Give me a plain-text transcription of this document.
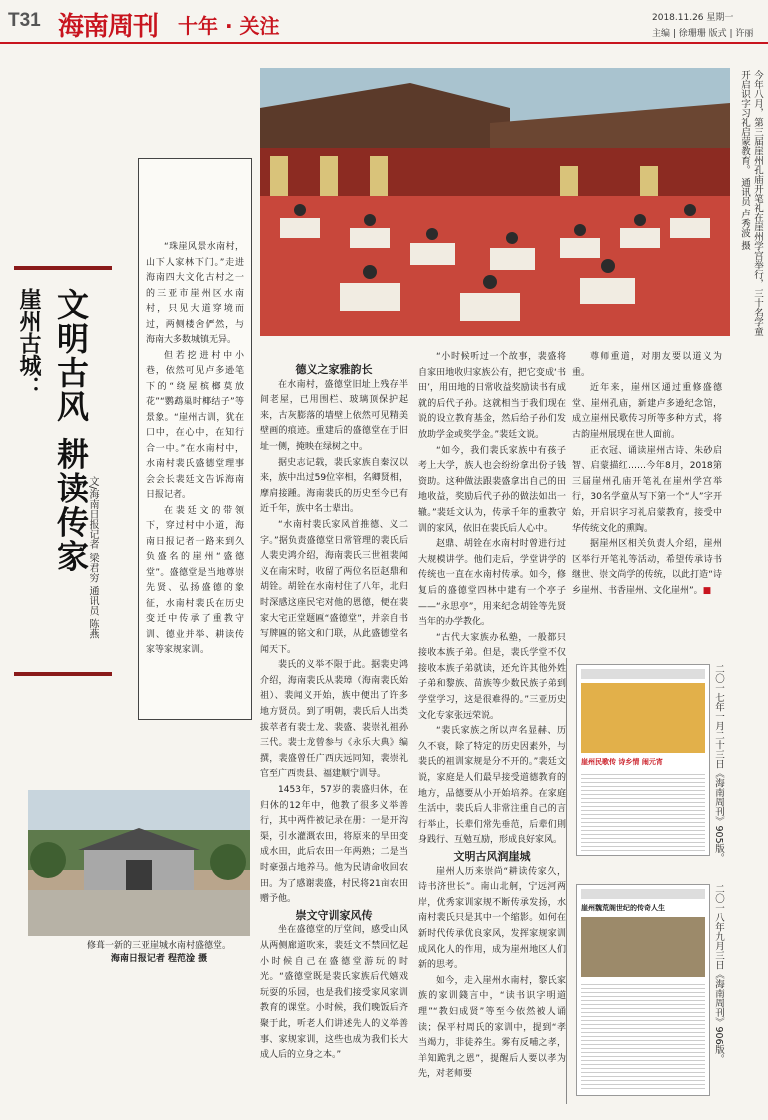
T31 海南周刊 十年 · 关注	2018.11.26 星期一
主编 | 徐珊珊 版式 | 许丽
今年八月，第三届崖州孔庙开笔礼在崖州学宫举行，三十名学童开启识字习礼启蒙教育。 通讯员 卢秀波 摄
崖州古城： 文明古风 耕读传家
文/海南日报记者 梁君穷 通讯员 陈燕

“珠崖风景水南村，山下人家林下门。”走进海南四大文化古村之一的三亚市崖州区水南村，只见大道穿境而过，两侧楼舍俨然，与海南大多数城镇无异。

但若挖进村中小巷，依然可见卢多逊笔下的“绕屋槟榔莫放花”“鹦鹉巢时椰结子”等景象。“崖州古训，犹在口中，在心中，在知行合一中。”在水南村中，水南村裴氏盛德堂理事会会长裴廷文告诉海南日报记者。

在裴廷文的带领下，穿过村中小道，海南日报记者一路来到久负盛名的崖州“盛德堂”。盛德堂是当地尊崇先贤、弘扬盛德的象征，水南村裴氏在历史变迁中传承了重教守训、德业并举、耕读传家等家规家训。

修葺一新的三亚崖城水南村盛德堂。
海南日报记者 程范淦 摄

德义之家雅韵长

在水南村，盛德堂旧址上残存半间老屋，已用围栏、玻璃顶保护起来，古灰膨落的墙壁上依然可见精美壁画的痕迹。重建后的盛德堂在于旧址一侧，掩映在绿树之中。

据史志记载，裴氏家族自秦汉以来，族中出过59位宰相，名卿贤相，摩肩接踵。海南裴氏的历史至今已有近千年，族中名士辈出。

“水南村裴氏家风首推德、义二字。”据负责盛德堂日常管理的裴氏后人裴史鸿介绍，海南裴氏三世祖裴闻义在南宋时，收留了两位名臣赵鼎和胡铨。胡铨在水南村住了八年，北归时深感这座民宅对他的恩德，便在裴家大宅正堂题匾“盛德堂”，并亲自书写牌匾的铭文和门联，从此盛德堂名闻天下。

裴氏的义举不限于此。据裴史鸿介绍，海南裴氏从裴璋（海南裴氏始祖）、裴闻义开始，族中便出了许多地方贤员。到了明朝，裴氏后人出类拔萃者有裴士龙、裴盛、裴崇礼祖孙三代。裴士龙曾参与《永乐大典》编撰，裴盛曾任广西庆远同知，裴崇礼官至广西贵县、福建顺宁训导。

1453年，57岁的裴盛归休，在归休的12年中，他教了很多义举善行，其中两件被记录在册：一是开沟渠，引水灌溉农田，将原来的旱田变成水田，此后农田一年两熟；二是当时豪强占地养马。他为民请命收回农田。为了感谢裴盛，村民将21亩农田赠予他。

崇文守训家风传

坐在盛德堂的厅堂间，感受山风从两侧廊道吹来，裴廷文不禁回忆起小时候自己在盛德堂游玩的时光。“盛德堂既是裴氏家族后代嬉戏玩耍的乐园，也是我们接受家风家训教育的课堂。小时候，我们晚饭后齐聚于此，听老人们讲述先人的义举善事、家规家训，这些也成为我们长大成人后的立身之本。”

“小时候听过一个故事，裴盛将自家田地收归家族公有，把它变成‘书田’，用田地的日常收益奖励读书有成就的后代子孙。这就相当于我们现在说的设立教育基金，然后给子孙们发放助学金或奖学金。”裴廷文说。

“如今，我们裴氏家族中有孩子考上大学，族人也会纷纷拿出份子钱资助。这种做法跟裴盛拿出自己的田地收益，奖励后代子孙的做法如出一辙。”裴廷文认为，传承千年的重教守训的家风，依旧在裴氏后人心中。

赵鼎、胡铨在水南村时曾进行过大规模讲学。他们走后，学堂讲学的传统也一直在水南村传承。如今，修复后的盛德堂四林中建有一个亭子——“永思亭”，用来纪念胡铨等先贤当年的办学教化。

“古代大家族办私塾，一般都只接收本族子弟。但是，裴氏学堂不仅接收本族子弟就读，还允许其他外姓子弟和黎族、苗族等少数民族子弟到学堂学习，这是很难得的。”三亚历史文化专家张远荣说。

“裴氏家族之所以声名显赫、历久不衰，除了特定的历史因素外，与裴氏的祖训家规是分不开的。”裴廷文说，家庭是人们最早接受道德教育的地方，品德要从小开始培养。在家庭生活中，裴氏后人非常注重自己的言行举止，长辈们常先垂范，后辈们則身践行、互勉互励，形成良好家风。

文明古风润崖城

崖州人历来崇尚“耕读传家久，诗书济世长”。南山北舸，宁远河两岸，优秀家训家规不断传承发扬，水南村裴氏只是其中一个缩影。如何在新时代传承优良家风，发挥家规家训成风化人的作用，成为崖州地区人们新的思考。

如今，走入崖州水南村，黎氏家族的家训錢言中，“读书识字明道理”“教妇成贤”等至今依然被人诵读；保平村周氏的家训中，提到“孝当竭力，非徒养生。雾有反哺之孝，羊知跪乳之恩”，提醒后人要以孝为先，对老师要

尊师重道，对朋友要以道义为重。

近年来，崖州区通过重修盛德堂、崖州孔庙，新建卢多逊纪念馆，成立崖州民歌传习所等多种方式，将古韵崖州展现在世人面前。

正衣冠、诵读崖州古诗、朱砂启智、启蒙描红……今年8月，2018第三届崖州孔庙开笔礼在崖州学宫举行，30名学童从写下第一个“人”字开始，开启识字习礼启蒙教育，接受中华传统文化的熏陶。

据崖州区相关负责人介绍，崖州区举行开笔礼等活动，希望传承诗书继世、崇文尚学的传统，以此打造“诗乡崖州、书香崖州、文化崖州”。■

崖州民歌传 诗乡情 闹元宵	二〇一七年一月二十三日《海南周刊》905版。
崖州魏荒阁世纪的传奇人生	二〇一八年九月三日《海南周刊》906版。
